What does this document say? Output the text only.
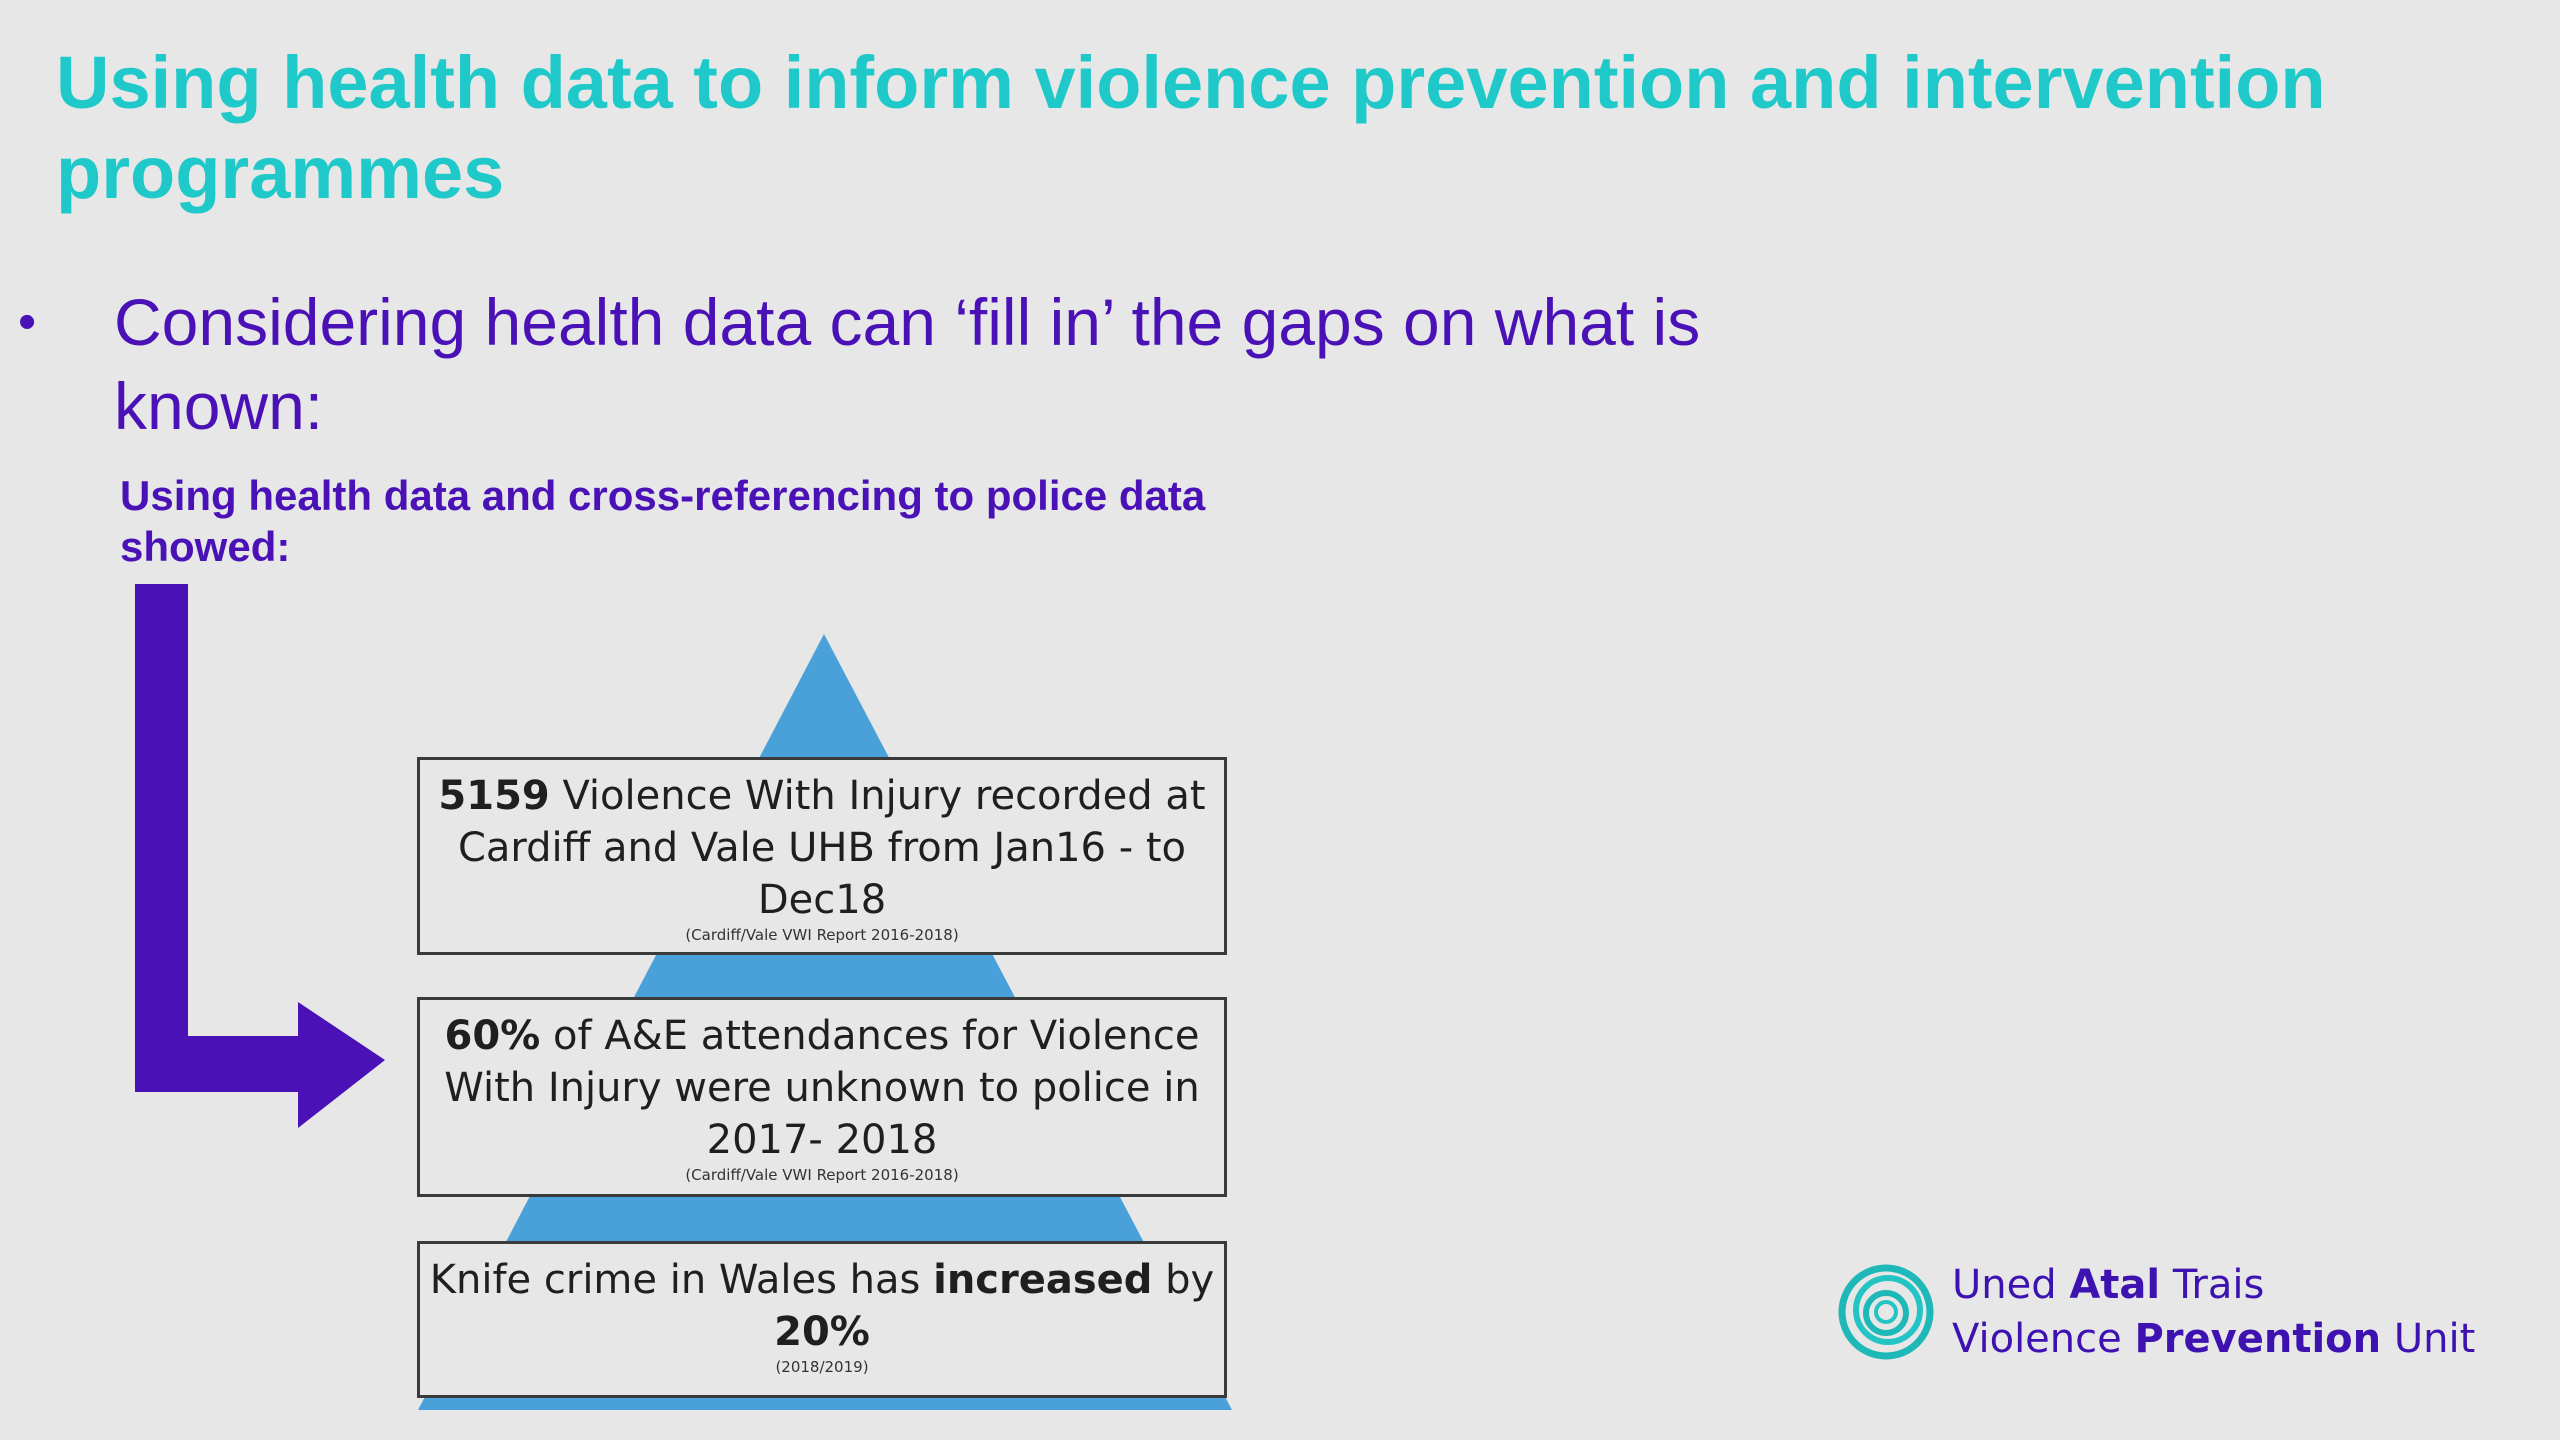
Using health data to inform violence prevention and intervention programmes
•	Considering health data can ‘fill in’ the gaps on what is known:
Using health data and cross-referencing to police data showed:
5159 Violence With Injury recorded at Cardiff and Vale UHB from Jan16 - to Dec18
(Cardiff/Vale VWI Report 2016-2018)
60% of A&E attendances for Violence With Injury were unknown to police in 2017- 2018
(Cardiff/Vale VWI Report 2016-2018)
Knife crime in Wales has increased by
20%
(2018/2019)
Uned Atal Trais
Violence Prevention Unit
